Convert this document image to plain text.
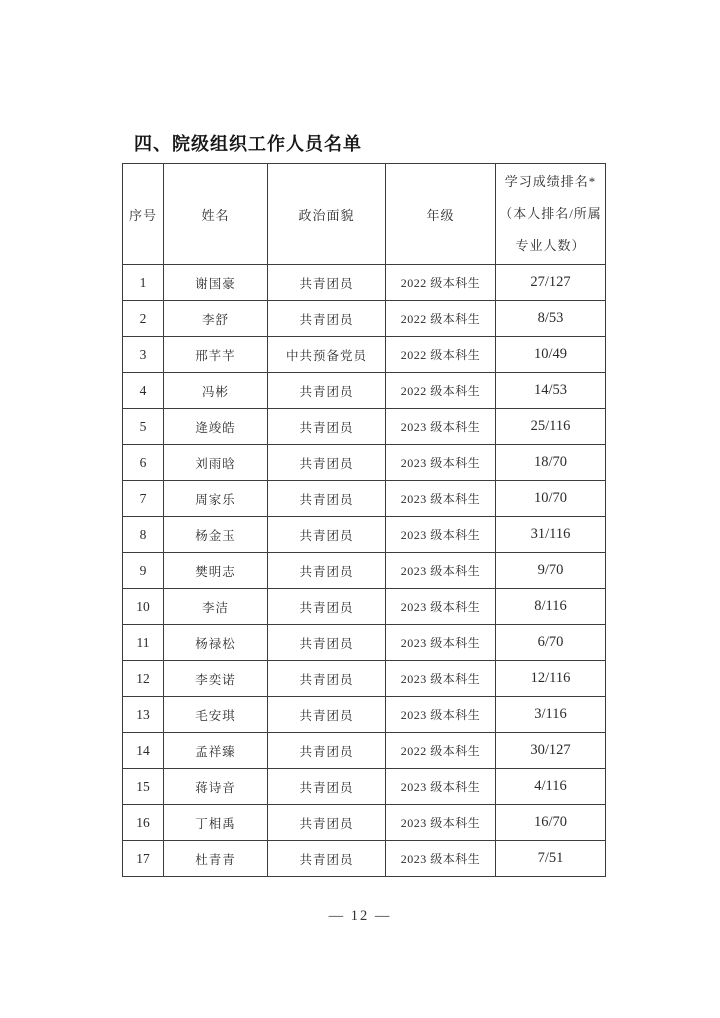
四、院级组织工作人员名单
序号	姓名	政治面貌	年级	学习成绩排名*
（本人排名/所属
专业人数）

1	谢国豪	共青团员	2022 级本科生	27/127
2	李舒	共青团员	2022 级本科生	8/53
3	邢芊芊	中共预备党员	2022 级本科生	10/49
4	冯彬	共青团员	2022 级本科生	14/53
5	逄竣皓	共青团员	2023 级本科生	25/116
6	刘雨晗	共青团员	2023 级本科生	18/70
7	周家乐	共青团员	2023 级本科生	10/70
8	杨金玉	共青团员	2023 级本科生	31/116
9	樊明志	共青团员	2023 级本科生	9/70
10	李洁	共青团员	2023 级本科生	8/116
11	杨禄松	共青团员	2023 级本科生	6/70
12	李奕诺	共青团员	2023 级本科生	12/116
13	毛安琪	共青团员	2023 级本科生	3/116
14	孟祥臻	共青团员	2022 级本科生	30/127
15	蒋诗音	共青团员	2023 级本科生	4/116
16	丁相禹	共青团员	2023 级本科生	16/70
17	杜青青	共青团员	2023 级本科生	7/51
— 12 —
